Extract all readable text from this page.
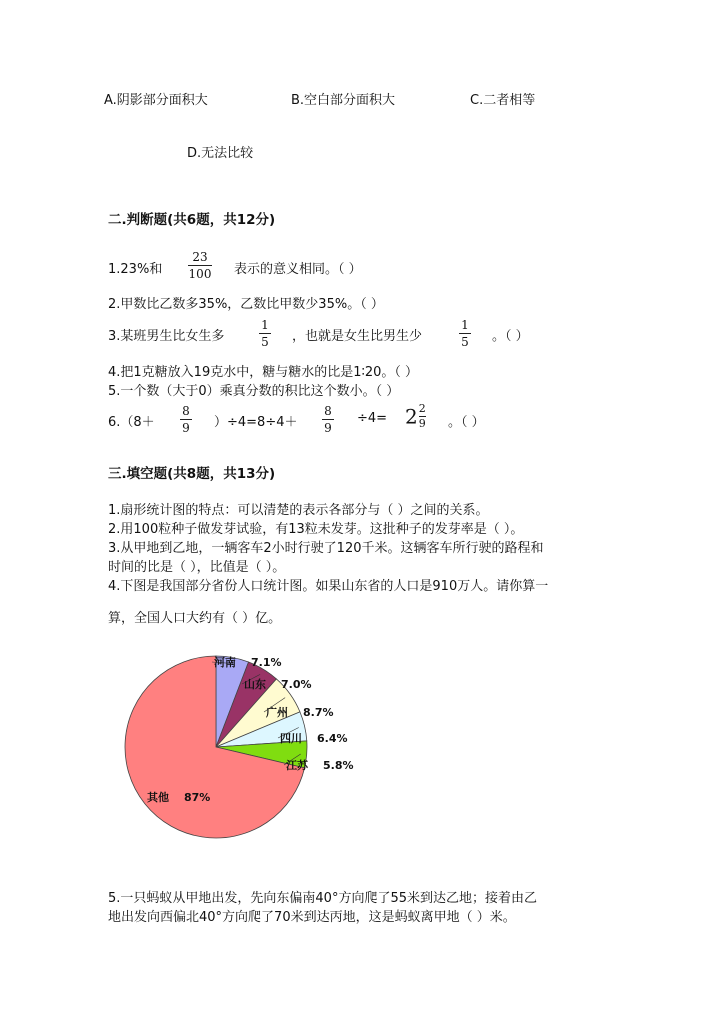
A.阴影部分面积大	B.空白部分面积大	C.二者相等
D.无法比较
二.判断题(共6题，共12分)
1.23%和
23
100 表示的意义相同。（ ）
2.甲数比乙数多35%，乙数比甲数少35%。（ ）
3.某班男生比女生多
1
5 ，也就是女生比男生少
1
5 。（ ）
4.把1克糖放入19克水中，糖与糖水的比是1∶20。（ ）
5.一个数（大于0）乘真分数的积比这个数小。（ ）
6.（8＋
8
9 ）÷4=8÷4＋
8
9
$\div 4= 2 \frac{2}{9}$ 。（ ）
三.填空题(共8题，共13分)
1.扇形统计图的特点：可以清楚的表示各部分与（ ）之间的关系。
2.用100粒种子做发芽试验，有13粒未发芽。这批种子的发芽率是（ ）。
3.从甲地到乙地，一辆客车2小时行驶了120千米。这辆客车所行驶的路程和
时间的比是（ ），比值是（ ）。
4.下图是我国部分省份人口统计图。如果山东省的人口是910万人。请你算一
算，全国人口大约有（ ）亿。
河南 7.1%
山东 7.0%
广州 8.7%
四川 6.4%
江苏 5.8%
其他 87%
5.一只蚂蚁从甲地出发，先向东偏南40°方向爬了55米到达乙地；接着由乙
地出发向西偏北40°方向爬了70米到达丙地，这是蚂蚁离甲地（ ）米。
